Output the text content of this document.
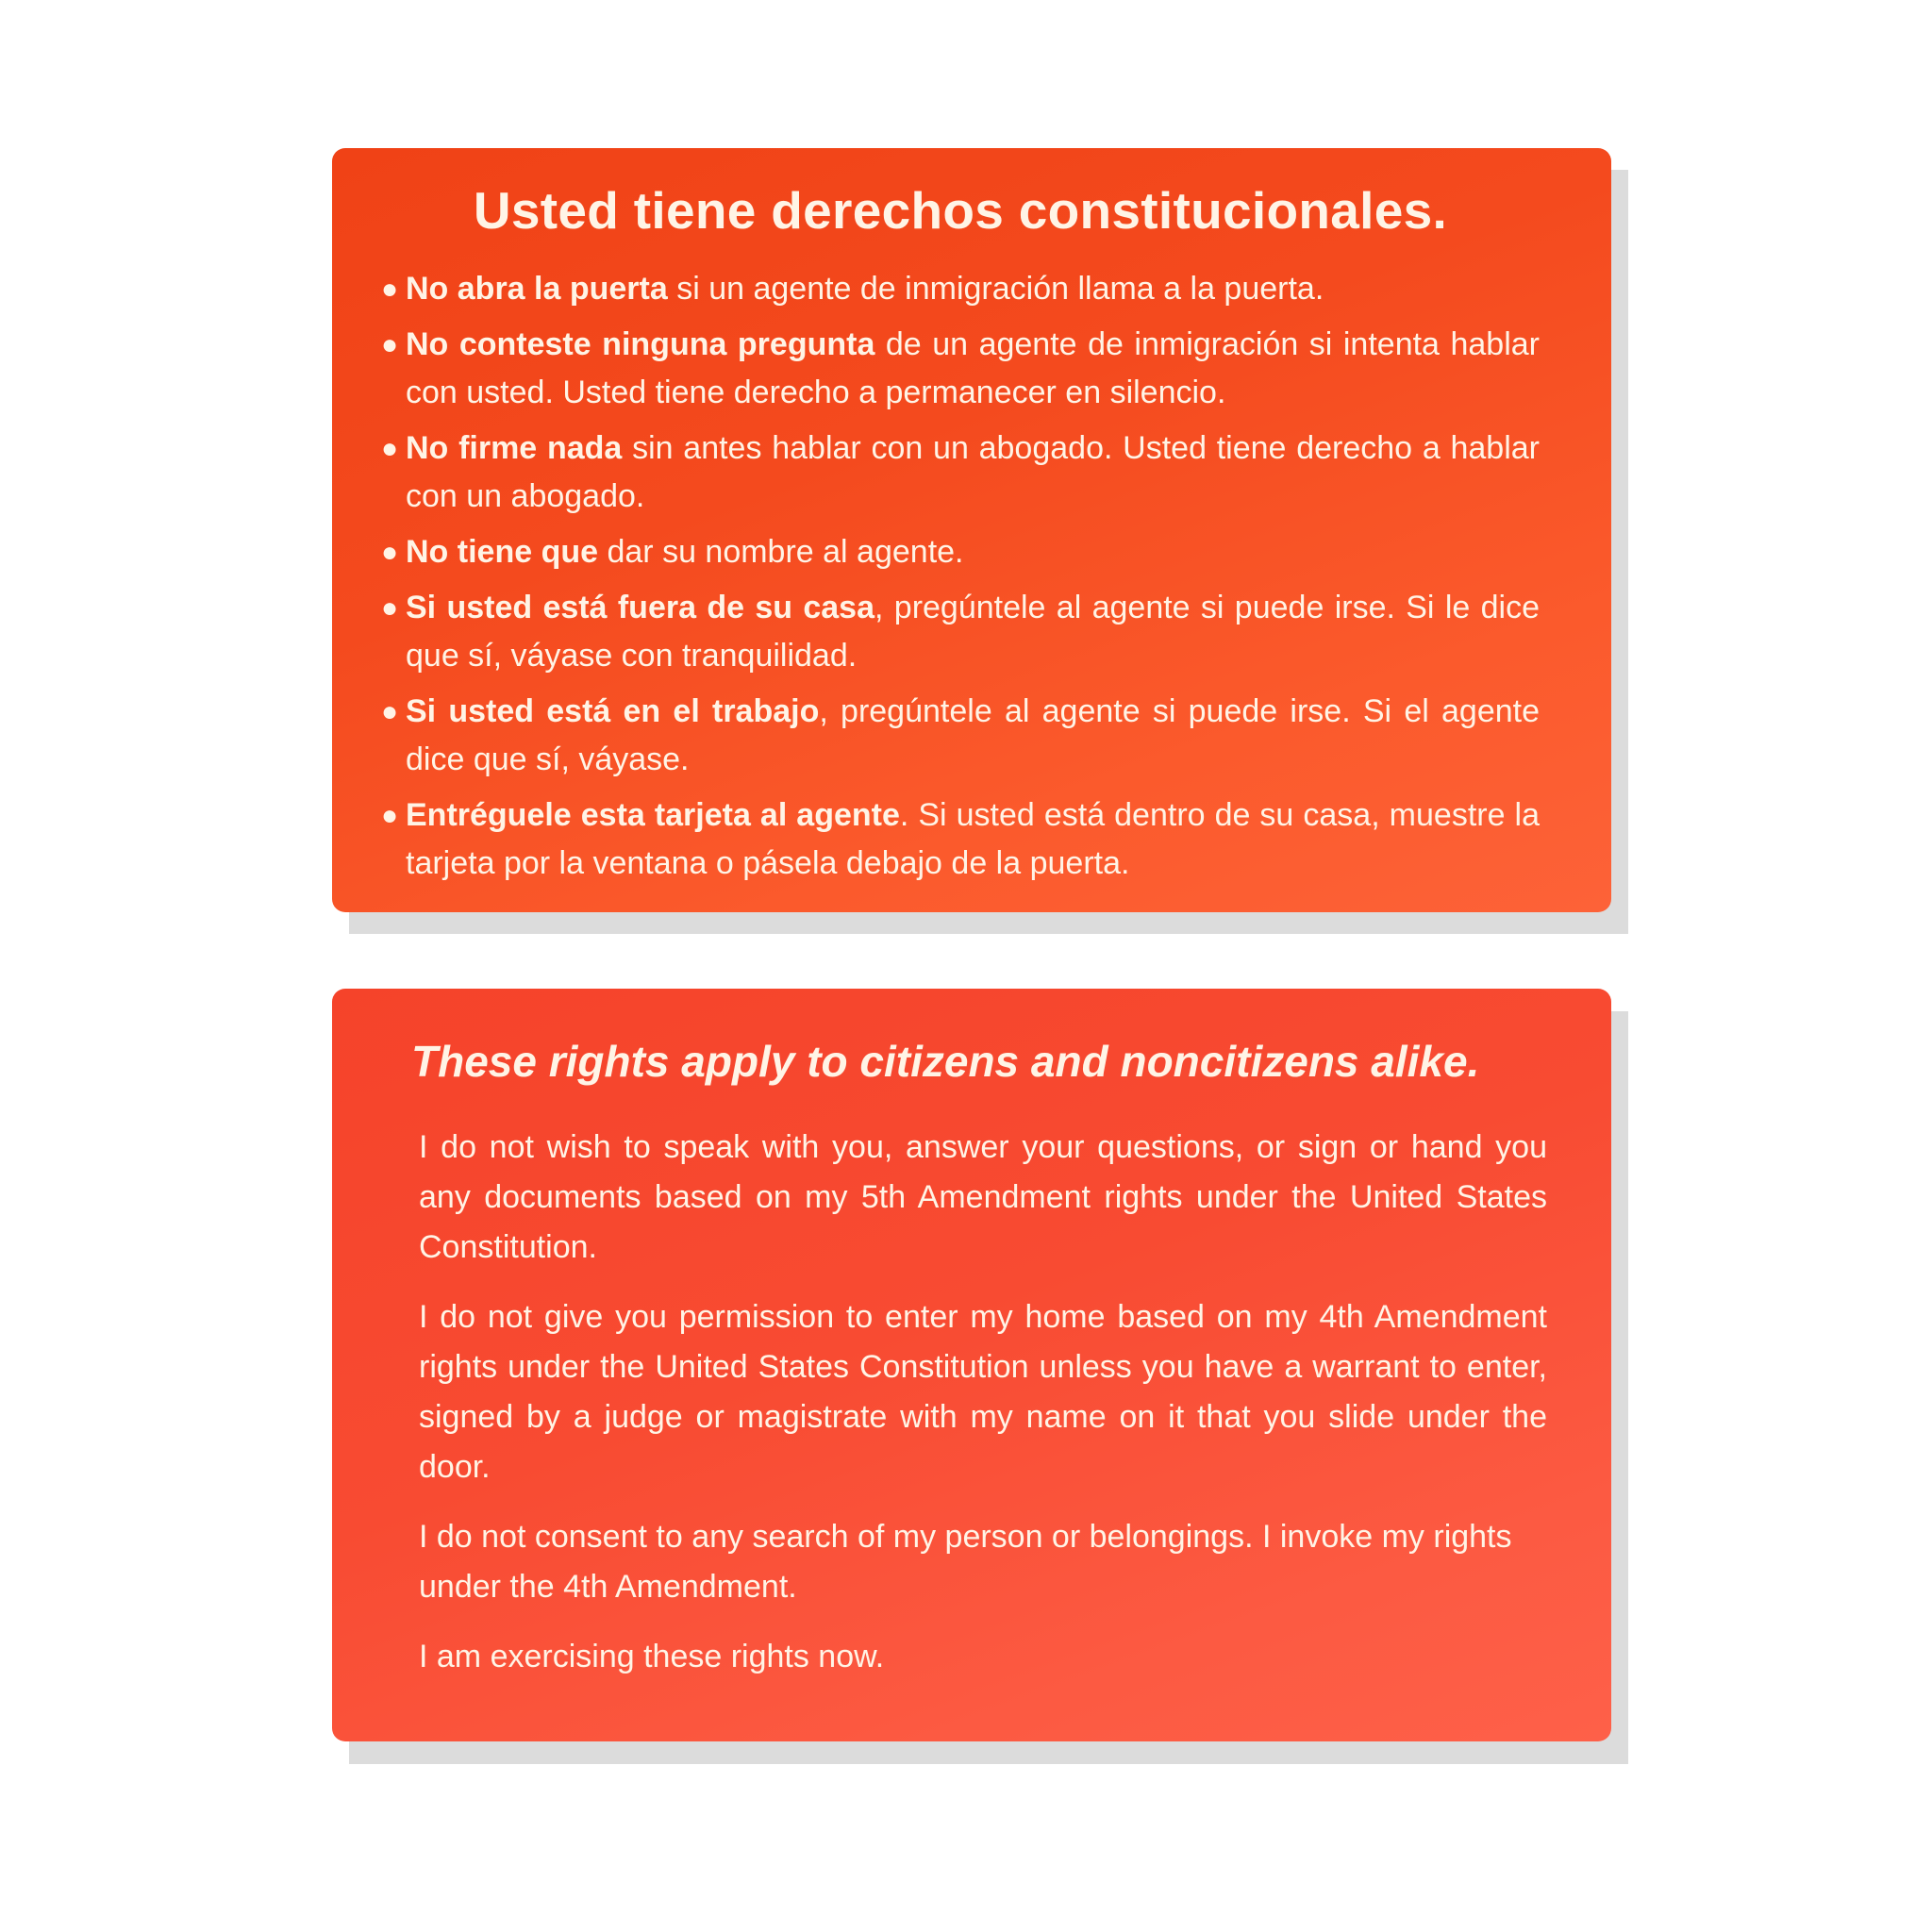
Usted tiene derechos constitucionales.
● No abra la puerta si un agente de inmigración llama a la puerta.
● No conteste ninguna pregunta de un agente de inmigración si intenta hablar con usted. Usted tiene derecho a permanecer en silencio.
● No firme nada sin antes hablar con un abogado. Usted tiene derecho a hablar con un abogado.
● No tiene que dar su nombre al agente.
● Si usted está fuera de su casa, pregúntele al agente si puede irse. Si le dice que sí, váyase con tranquilidad.
● Si usted está en el trabajo, pregúntele al agente si puede irse. Si el agente dice que sí, váyase.
● Entréguele esta tarjeta al agente. Si usted está dentro de su casa, muestre la tarjeta por la ventana o pásela debajo de la puerta.
These rights apply to citizens and noncitizens alike.

I do not wish to speak with you, answer your questions, or sign or hand you any documents based on my 5th Amendment rights under the United States Constitution.

I do not give you permission to enter my home based on my 4th Amendment rights under the United States Constitution unless you have a warrant to enter, signed by a judge or magistrate with my name on it that you slide under the door.

I do not consent to any search of my person or belongings. I invoke my rights under the 4th Amendment.

I am exercising these rights now.
